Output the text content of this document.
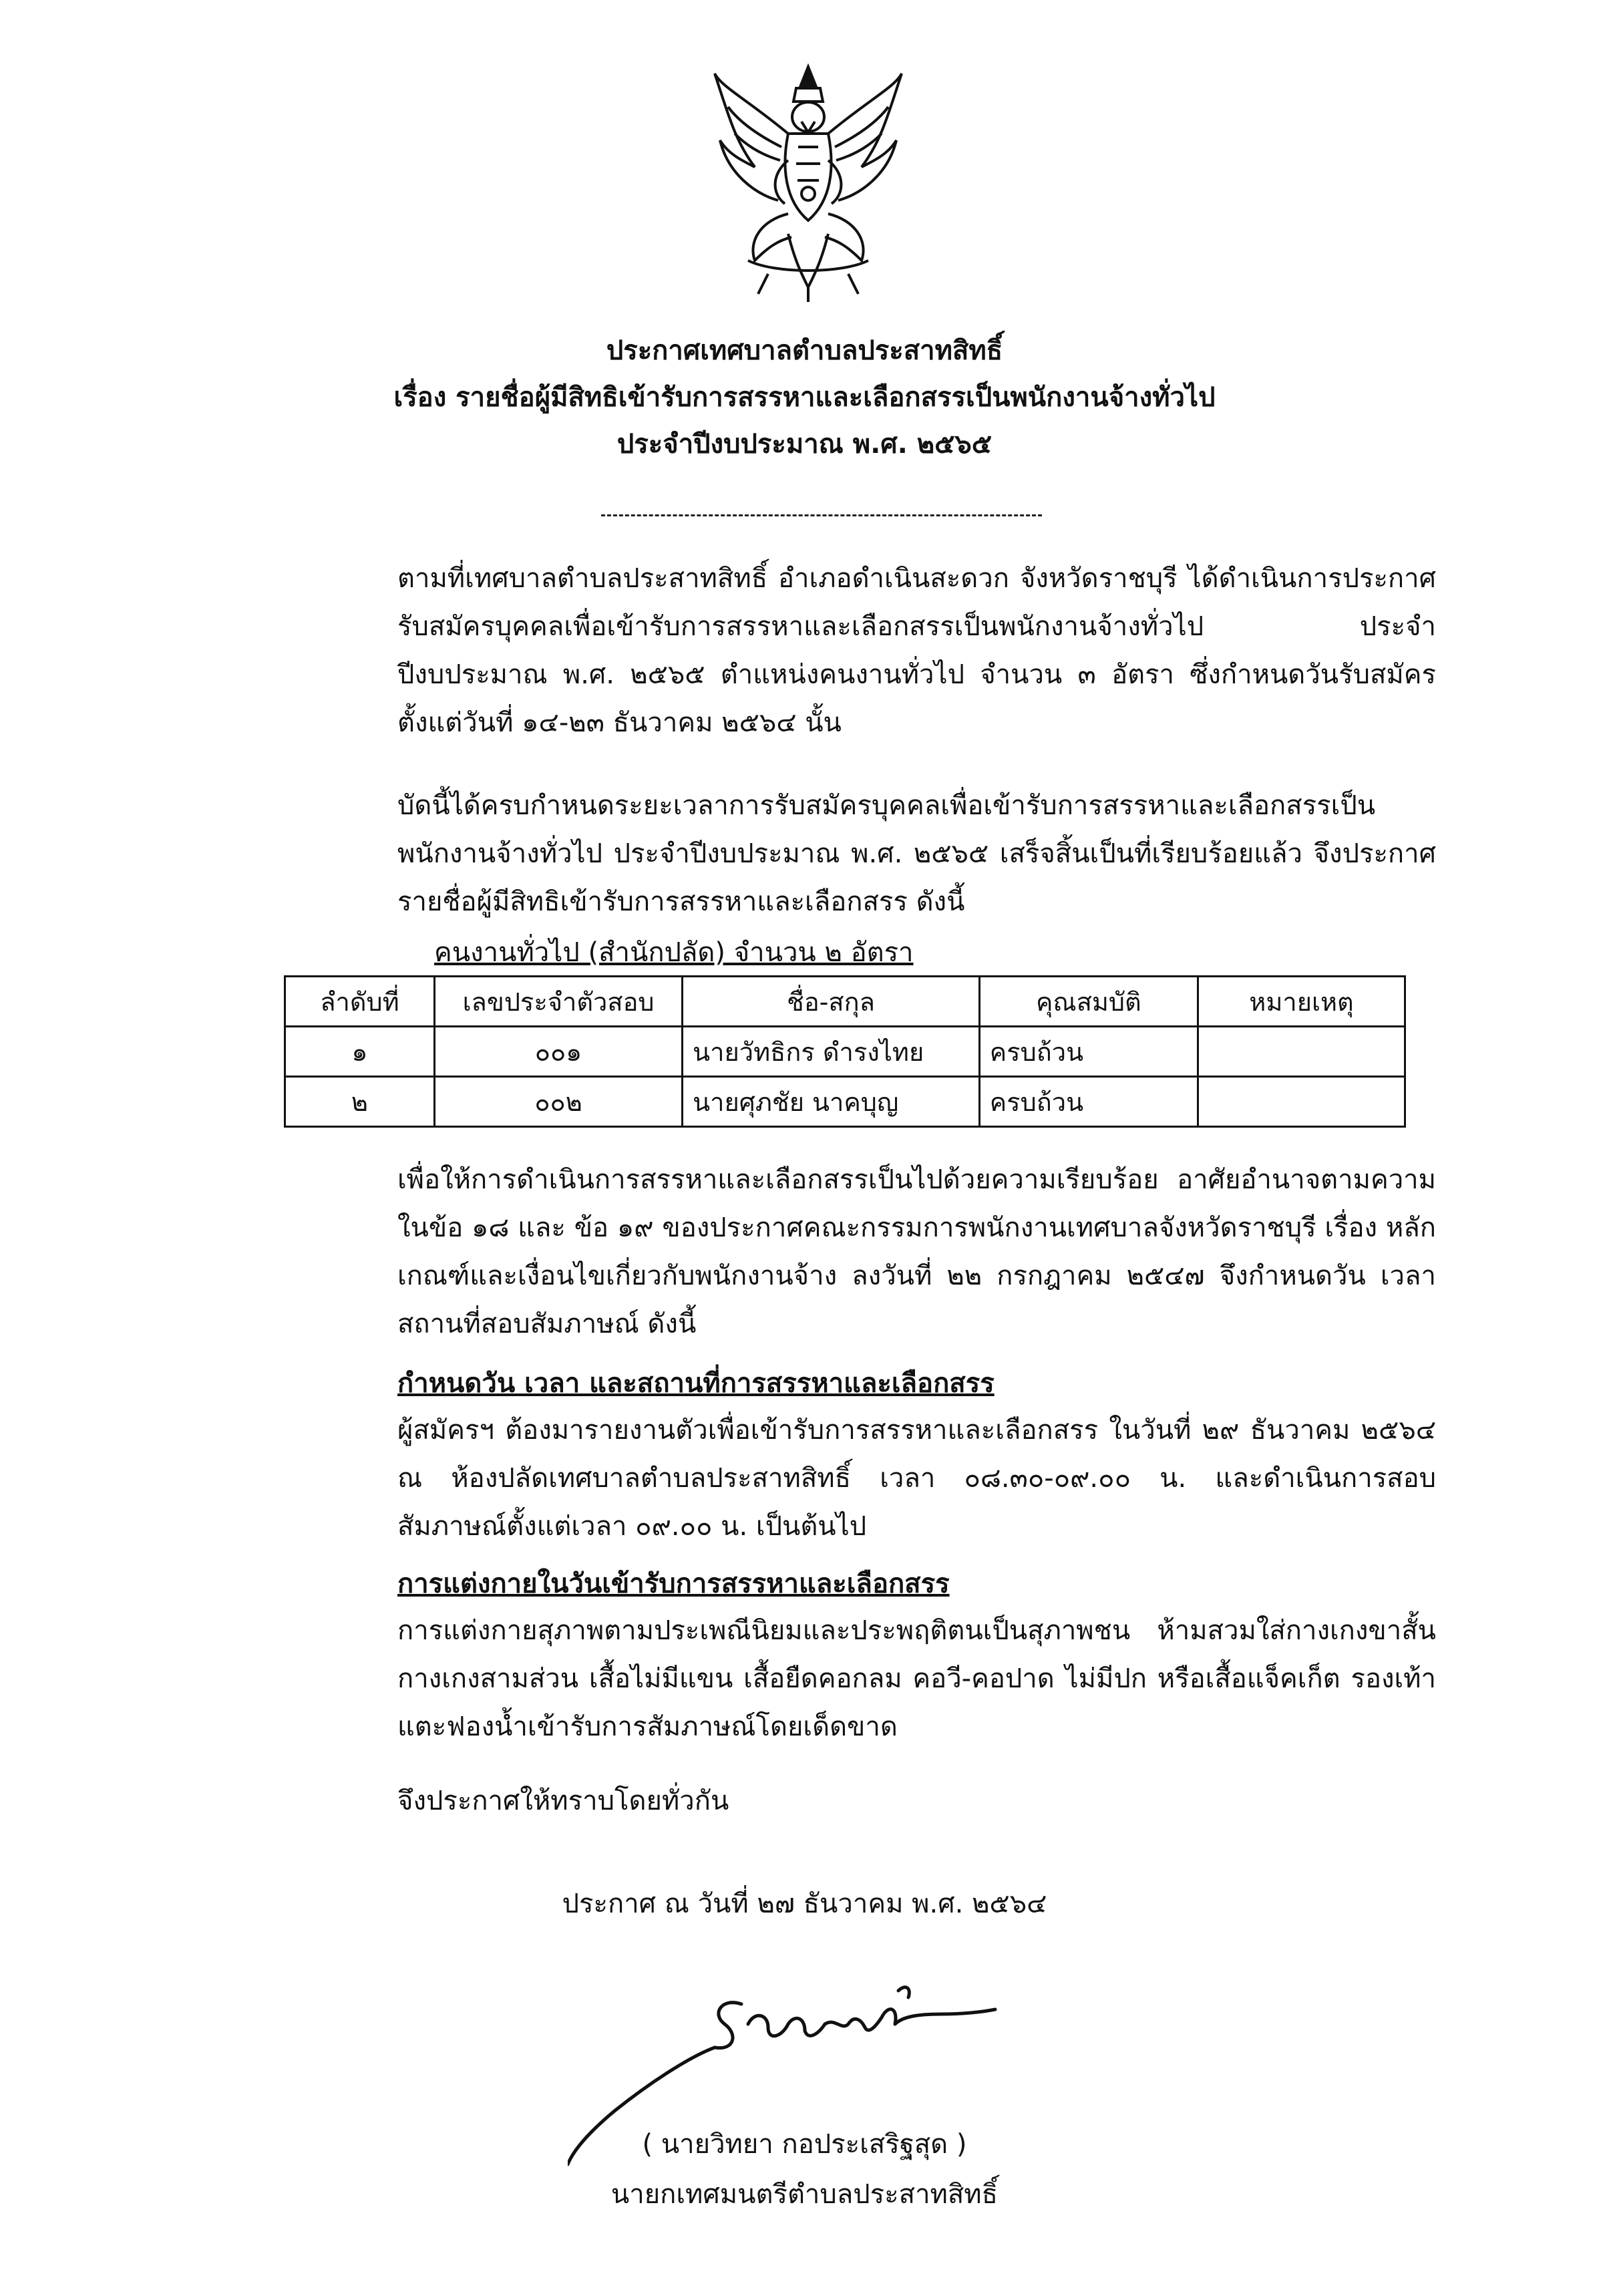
ประกาศเทศบาลตำบลประสาทสิทธิ์
เรื่อง รายชื่อผู้มีสิทธิเข้ารับการสรรหาและเลือกสรรเป็นพนักงานจ้างทั่วไป
ประจำปีงบประมาณ พ.ศ. ๒๕๖๕
ตามที่เทศบาลตำบลประสาทสิทธิ์ อำเภอดำเนินสะดวก จังหวัดราชบุรี ได้ดำเนินการประกาศรับสมัครบุคคลเพื่อเข้ารับการสรรหาและเลือกสรรเป็นพนักงานจ้างทั่วไป ประจำปีงบประมาณ พ.ศ. ๒๕๖๕ ตำแหน่งคนงานทั่วไป จำนวน ๓ อัตรา ซึ่งกำหนดวันรับสมัคร ตั้งแต่วันที่ ๑๔-๒๓ ธันวาคม ๒๕๖๔ นั้น
บัดนี้ได้ครบกำหนดระยะเวลาการรับสมัครบุคคลเพื่อเข้ารับการสรรหาและเลือกสรรเป็นพนักงานจ้างทั่วไป ประจำปีงบประมาณ พ.ศ. ๒๕๖๕ เสร็จสิ้นเป็นที่เรียบร้อยแล้ว จึงประกาศรายชื่อผู้มีสิทธิเข้ารับการสรรหาและเลือกสรร ดังนี้
คนงานทั่วไป (สำนักปลัด) จำนวน ๒ อัตรา
ลำดับที่	เลขประจำตัวสอบ	ชื่อ-สกุล	คุณสมบัติ	หมายเหตุ
๑	๐๐๑	นายวัทธิกร ดำรงไทย	ครบถ้วน	
๒	๐๐๒	นายศุภชัย นาคบุญ	ครบถ้วน	
เพื่อให้การดำเนินการสรรหาและเลือกสรรเป็นไปด้วยความเรียบร้อย อาศัยอำนาจตามความในข้อ ๑๘ และ ข้อ ๑๙ ของประกาศคณะกรรมการพนักงานเทศบาลจังหวัดราชบุรี เรื่อง หลักเกณฑ์และเงื่อนไขเกี่ยวกับพนักงานจ้าง ลงวันที่ ๒๒ กรกฎาคม ๒๕๔๗ จึงกำหนดวัน เวลา สถานที่สอบสัมภาษณ์ ดังนี้
กำหนดวัน เวลา และสถานที่การสรรหาและเลือกสรร
ผู้สมัครฯ ต้องมารายงานตัวเพื่อเข้ารับการสรรหาและเลือกสรร ในวันที่ ๒๙ ธันวาคม ๒๕๖๔ ณ ห้องปลัดเทศบาลตำบลประสาทสิทธิ์ เวลา ๐๘.๓๐-๐๙.๐๐ น. และดำเนินการสอบสัมภาษณ์ตั้งแต่เวลา ๐๙.๐๐ น. เป็นต้นไป
การแต่งกายในวันเข้ารับการสรรหาและเลือกสรร
การแต่งกายสุภาพตามประเพณีนิยมและประพฤติตนเป็นสุภาพชน ห้ามสวมใส่กางเกงขาสั้น กางเกงสามส่วน เสื้อไม่มีแขน เสื้อยืดคอกลม คอวี-คอปาด ไม่มีปก หรือเสื้อแจ็คเก็ต รองเท้าแตะฟองน้ำเข้ารับการสัมภาษณ์โดยเด็ดขาด
จึงประกาศให้ทราบโดยทั่วกัน
ประกาศ ณ วันที่ ๒๗ ธันวาคม พ.ศ. ๒๕๖๔
( นายวิทยา กอประเสริฐสุด )
นายกเทศมนตรีตำบลประสาทสิทธิ์
